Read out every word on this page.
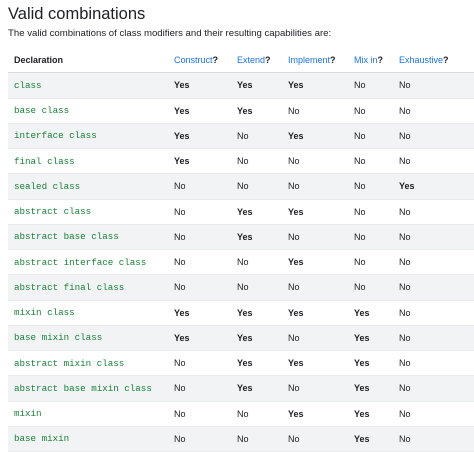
Valid combinations

The valid combinations of class modifiers and their resulting capabilities are:

Declaration	Construct?	Extend?	Implement?	Mix in?	Exhaustive?
class	Yes	Yes	Yes	No	No
base class	Yes	Yes	No	No	No
interface class	Yes	No	Yes	No	No
final class	Yes	No	No	No	No
sealed class	No	No	No	No	Yes
abstract class	No	Yes	Yes	No	No
abstract base class	No	Yes	No	No	No
abstract interface class	No	No	Yes	No	No
abstract final class	No	No	No	No	No
mixin class	Yes	Yes	Yes	Yes	No
base mixin class	Yes	Yes	No	Yes	No
abstract mixin class	No	Yes	Yes	Yes	No
abstract base mixin class	No	Yes	No	Yes	No
mixin	No	No	Yes	Yes	No
base mixin	No	No	No	Yes	No
